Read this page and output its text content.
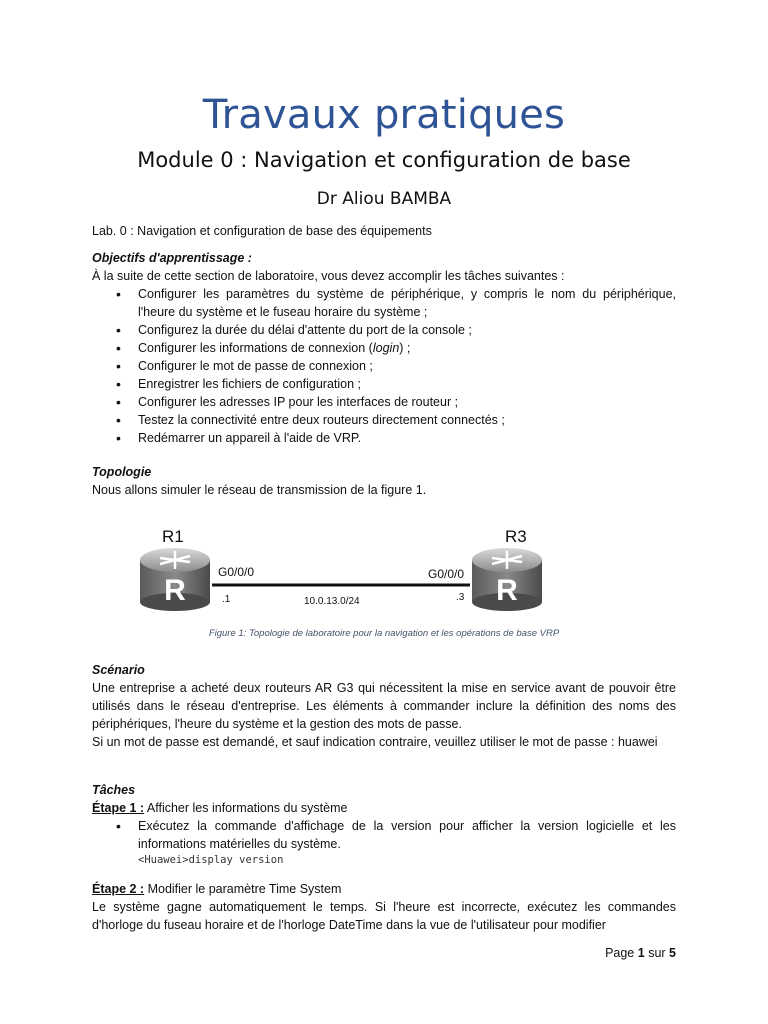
Travaux pratiques
Module 0 : Navigation et configuration de base
Dr Aliou BAMBA
Lab. 0 : Navigation et configuration de base des équipements
Objectifs d'apprentissage :
À la suite de cette section de laboratoire, vous devez accomplir les tâches suivantes :
• Configurer les paramètres du système de périphérique, y compris le nom du périphérique, l'heure du système et le fuseau horaire du système ;
• Configurez la durée du délai d'attente du port de la console ;
• Configurer les informations de connexion (login) ;
• Configurer le mot de passe de connexion ;
• Enregistrer les fichiers de configuration ;
• Configurer les adresses IP pour les interfaces de routeur ;
• Testez la connectivité entre deux routeurs directement connectés ;
• Redémarrer un appareil à l'aide de VRP.
Topologie
Nous allons simuler le réseau de transmission de la figure 1.
R	R
R1	R3
G0/0/0	G0/0/0
.1	.3
10.0.13.0/24
Figure 1: Topologie de laboratoire pour la navigation et les opérations de base VRP
Scénario
Une entreprise a acheté deux routeurs AR G3 qui nécessitent la mise en service avant de pouvoir être utilisés dans le réseau d'entreprise. Les éléments à commander inclure la définition des noms des périphériques, l'heure du système et la gestion des mots de passe.
Si un mot de passe est demandé, et sauf indication contraire, veuillez utiliser le mot de passe : huawei
Tâches
Étape 1 : Afficher les informations du système
• Exécutez la commande d'affichage de la version pour afficher la version logicielle et les informations matérielles du système.
<Huawei>display version
Étape 2 : Modifier le paramètre Time System
Le système gagne automatiquement le temps. Si l'heure est incorrecte, exécutez les commandes d'horloge du fuseau horaire et de l'horloge DateTime dans la vue de l'utilisateur pour modifier
Page 1 sur 5
